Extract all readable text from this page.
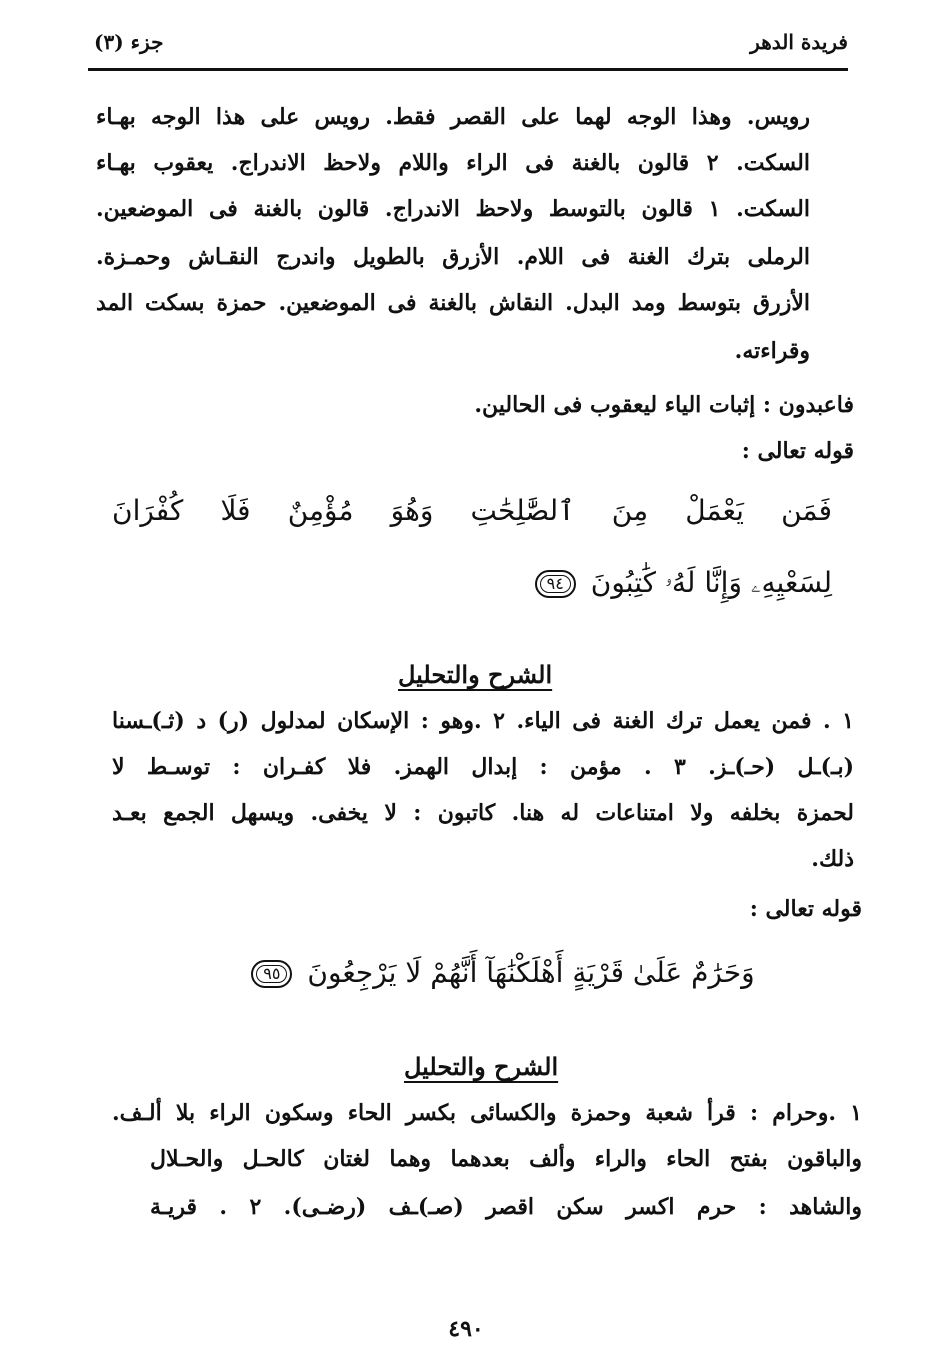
فريدة الدهر
جزء (٣)
رويس. وهذا الوجه لهما على القصر فقط. رويس على هذا الوجه بهـاء
السكت. ٢ قالون بالغنة فى الراء واللام ولاحظ الاندراج. يعقوب بهـاء
السكت. ١ قالون بالتوسط ولاحظ الاندراج. قالون بالغنة فى الموضعين.
الرملى بترك الغنة فى اللام. الأزرق بالطويل واندرج النقـاش وحمـزة.
الأزرق بتوسط ومد البدل. النقاش بالغنة فى الموضعين. حمزة بسكت المد
وقراءته.
فاعبدون : إثبات الياء ليعقوب فى الحالين.
قوله تعالى :
فَمَن يَعْمَلْ مِنَ ٱلصَّٰلِحَٰتِ وَهُوَ مُؤْمِنٌ فَلَا كُفْرَانَ
لِسَعْيِهِۦ وَإِنَّا لَهُۥ كَٰتِبُونَ ٩٤
الشرح والتحليل
١ . فمن يعمل ترك الغنة فى الياء. ٢ .وهو : الإسكان لمدلول (ر) د (ثـ)ـسنا
(بـ)ـل (حـ)ـز. ٣ . مؤمن : إبدال الهمز. فلا كفـران : توسـط لا
لحمزة بخلفه ولا امتناعات له هنا. كاتبون : لا يخفى. ويسهل الجمع بعـد
ذلك.
قوله تعالى :
وَحَرَٰمٌ عَلَىٰ قَرْيَةٍ أَهْلَكْنَٰهَآ أَنَّهُمْ لَا يَرْجِعُونَ ٩٥
الشرح والتحليل
١ .وحرام : قرأ شعبة وحمزة والكسائى بكسر الحاء وسكون الراء بلا ألـف.
والباقون بفتح الحاء والراء وألف بعدهما وهما لغتان كالحـل والحـلال
والشاهد : حرم اكسر سكن اقصر (صـ)ـف (رضـى). ٢ . قريـة
٤٩٠
